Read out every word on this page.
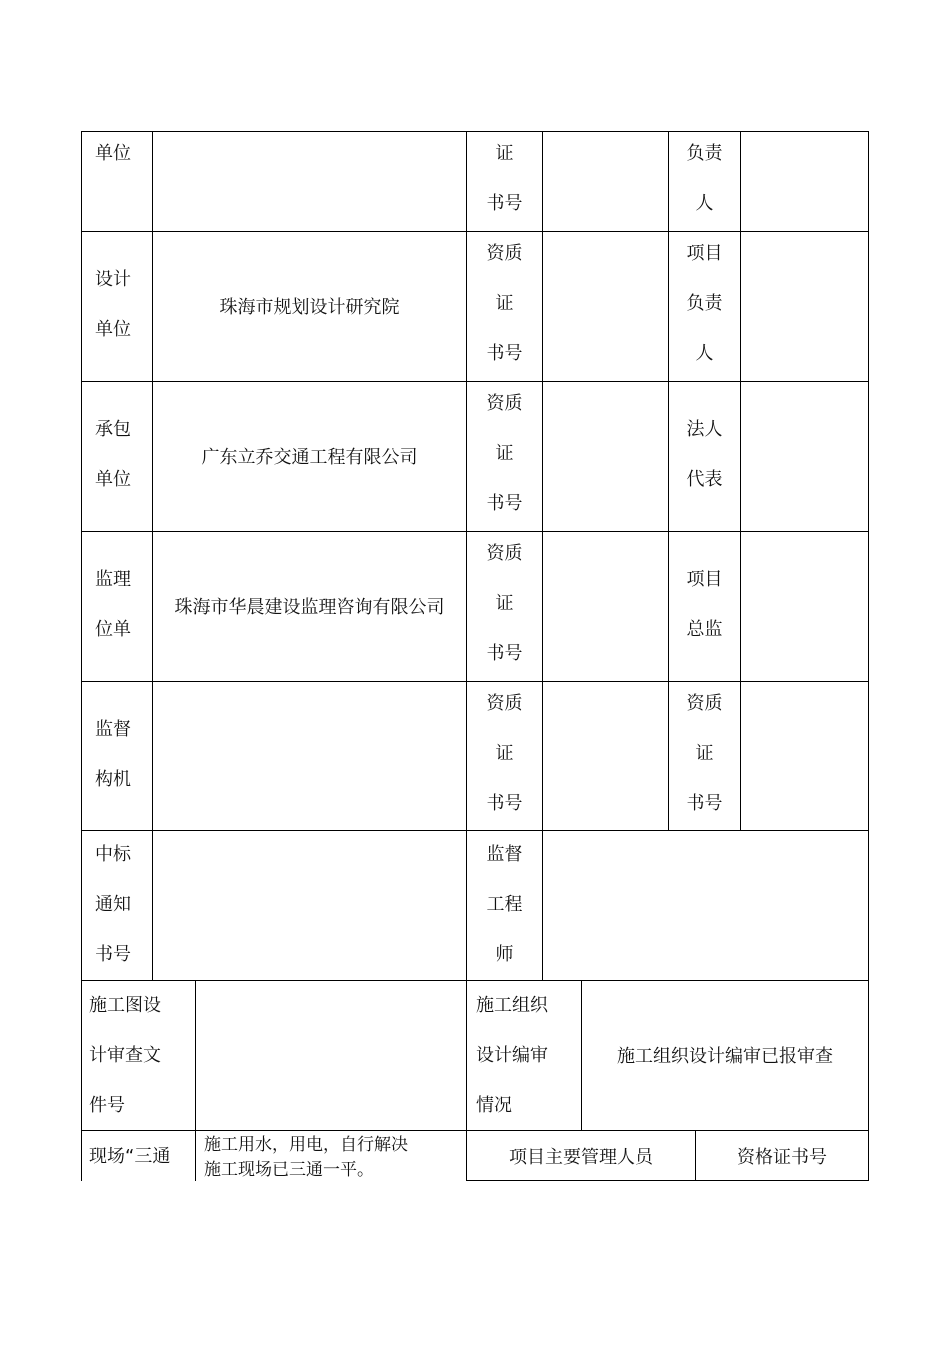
单位	证
书号
负责
人
设计
单位
珠海市规划设计研究院
资质
证
书号
项目
负责
人
承包
单位
广东立乔交通工程有限公司
资质
证
书号
法人
代表
监理
位单
珠海市华晨建设监理咨询有限公司
资质
证
书号
项目
总监
监督
构机
资质
证
书号
资质
证
书号
中标
通知
书号
监督
工程
师
施工图设
计审查文
件号
施工组织
设计编审
情况
施工组织设计编审已报审查
现场“三通
施工用水，用电，自行解决
施工现场已三通一平。
项目主要管理人员	资格证书号
